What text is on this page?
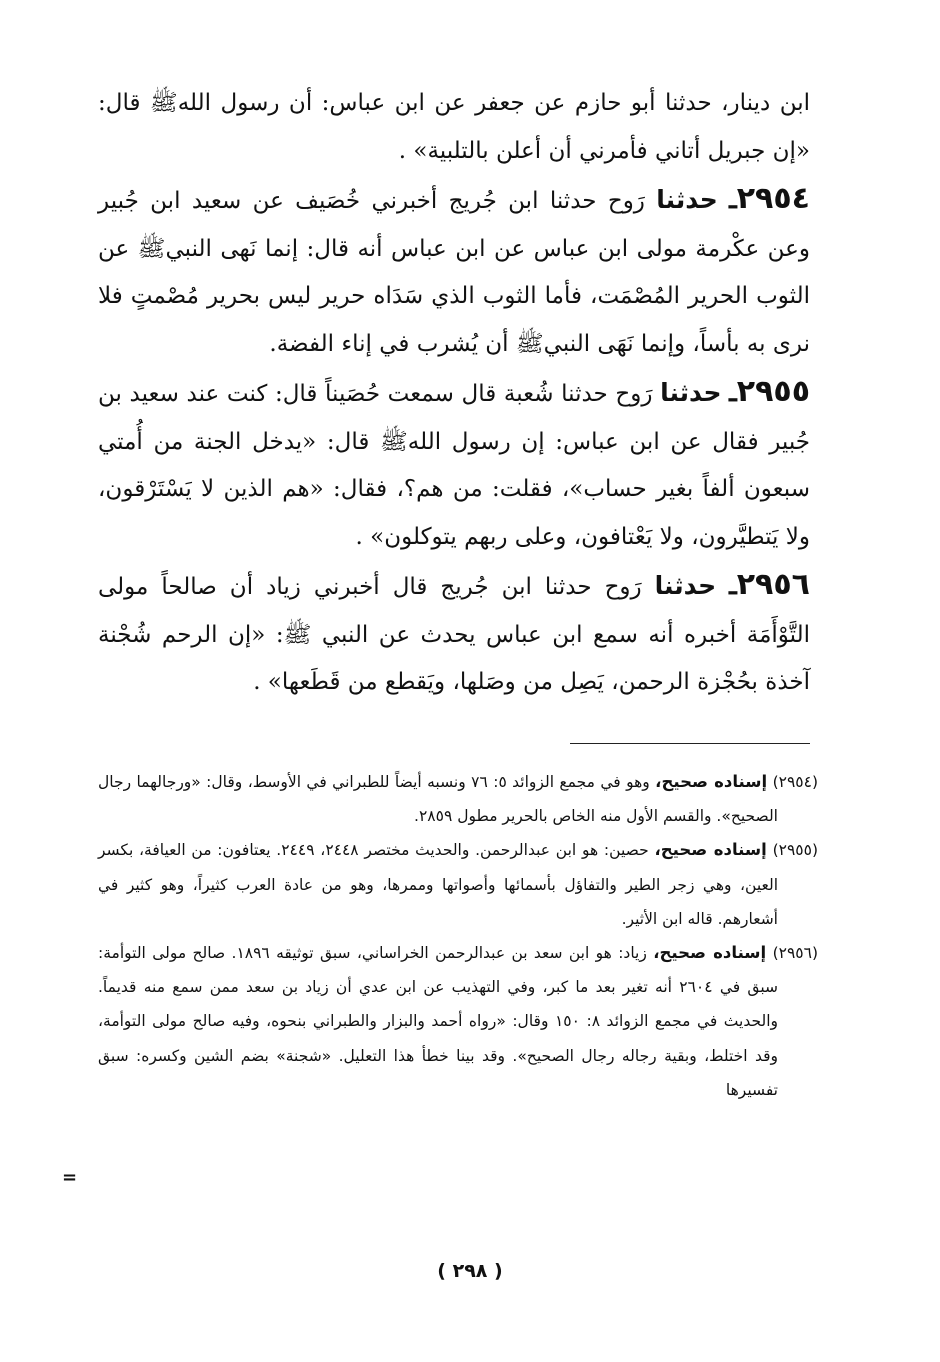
ابن دينار، حدثنا أبو حازم عن جعفر عن ابن عباس: أن رسول اللهﷺ قال: «إن جبريل أتاني فأمرني أن أعلن بالتلبية» .

٢٩٥٤ـ حدثنا رَوح حدثنا ابن جُريج أخبرني خُصَيف عن سعيد ابن جُبير وعن عكْرمة مولى ابن عباس عن ابن عباس أنه قال: إنما نَهى النبيﷺ عن الثوب الحرير المُصْمَت، فأما الثوب الذي سَدَاه حرير ليس بحرير مُصْمتٍ فلا نرى به بأساً، وإنما نَهَى النبيﷺ أن يُشرب في إناء الفضة.

٢٩٥٥ـ حدثنا رَوح حدثنا شُعبة قال سمعت حُصَيناً قال: كنت عند سعيد بن جُبير فقال عن ابن عباس: إن رسول اللهﷺ قال: «يدخل الجنة من أُمتي سبعون ألفاً بغير حساب»، فقلت: من هم؟، فقال: «هم الذين لا يَسْتَرْقون، ولا يَتطيَّرون، ولا يَعْتافون، وعلى ربهم يتوكلون» .

٢٩٥٦ـ حدثنا رَوح حدثنا ابن جُريج قال أخبرني زياد أن صالحاً مولى التَّوْأَمَة أخبره أنه سمع ابن عباس يحدث عن النبي ﷺ: «إن الرحم شُجْنة آخذة بحُجْزة الرحمن، يَصِل من وصَلها، ويَقطع من قَطَعها» .

(٢٩٥٤) إسناده صحيح، وهو في مجمع الزوائد ٥: ٧٦ ونسبه أيضاً للطبراني في الأوسط، وقال: «ورجالهما رجال الصحيح». والقسم الأول منه الخاص بالحرير مطول ٢٨٥٩.

(٢٩٥٥) إسناده صحيح، حصين: هو ابن عبدالرحمن. والحديث مختصر ٢٤٤٨، ٢٤٤٩. يعتافون: من العيافة، بكسر العين، وهي زجر الطير والتفاؤل بأسمائها وأصواتها وممرها، وهو من عادة العرب كثيراً، وهو كثير في أشعارهم. قاله ابن الأثير.

(٢٩٥٦) إسناده صحيح، زياد: هو ابن سعد بن عبدالرحمن الخراساني، سبق توثيقه ١٨٩٦. صالح مولى التوأمة: سبق في ٢٦٠٤ أنه تغير بعد ما كبر، وفي التهذيب عن ابن عدي أن زياد بن سعد ممن سمع منه قديماً. والحديث في مجمع الزوائد ٨: ١٥٠ وقال: «رواه أحمد والبزار والطبراني بنحوه، وفيه صالح مولى التوأمة، وقد اختلط، وبقية رجاله رجال الصحيح». وقد بينا خطأ هذا التعليل. «شجنة» بضم الشين وكسره: سبق تفسيرها

=
( ٢٩٨ )
